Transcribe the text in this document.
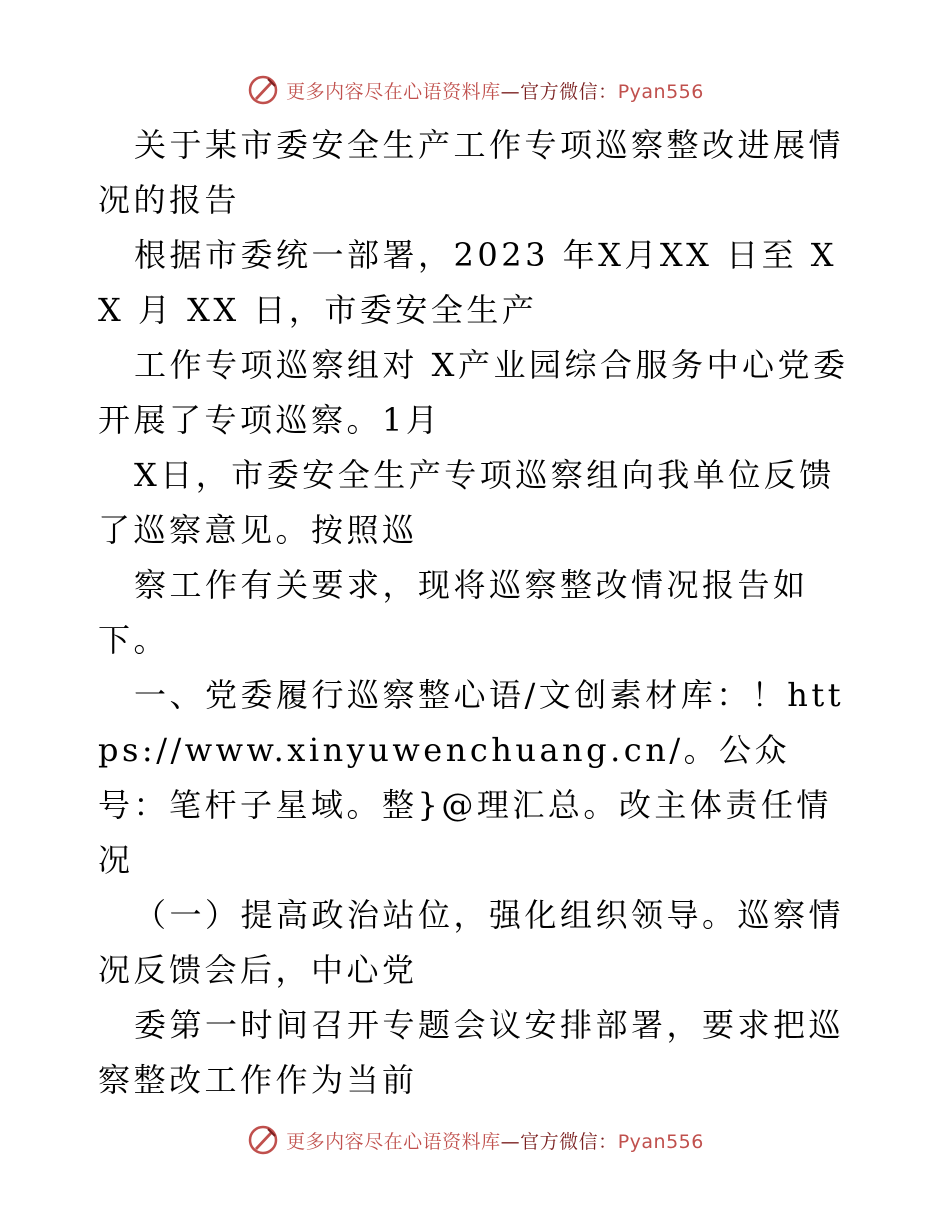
更多内容尽在心语资料库—官方微信：Pyan556

关于某市委安全生产工作专项巡察整改进展情况的报告

根据市委统一部署，2023 年X月XX 日至 XX 月 XX 日，市委安全生产

工作专项巡察组对 X产业园综合服务中心党委开展了专项巡察。1月

X日，市委安全生产专项巡察组向我单位反馈了巡察意见。按照巡

察工作有关要求，现将巡察整改情况报告如下。

一、党委履行巡察整心语/文创素材库：！https://www.xinyuwenchuang.cn/。公众号：笔杆子星域。整}@理汇总。改主体责任情况

（一）提高政治站位，强化组织领导。巡察情况反馈会后，中心党

委第一时间召开专题会议安排部署，要求把巡察整改工作作为当前

更多内容尽在心语资料库—官方微信：Pyan556
